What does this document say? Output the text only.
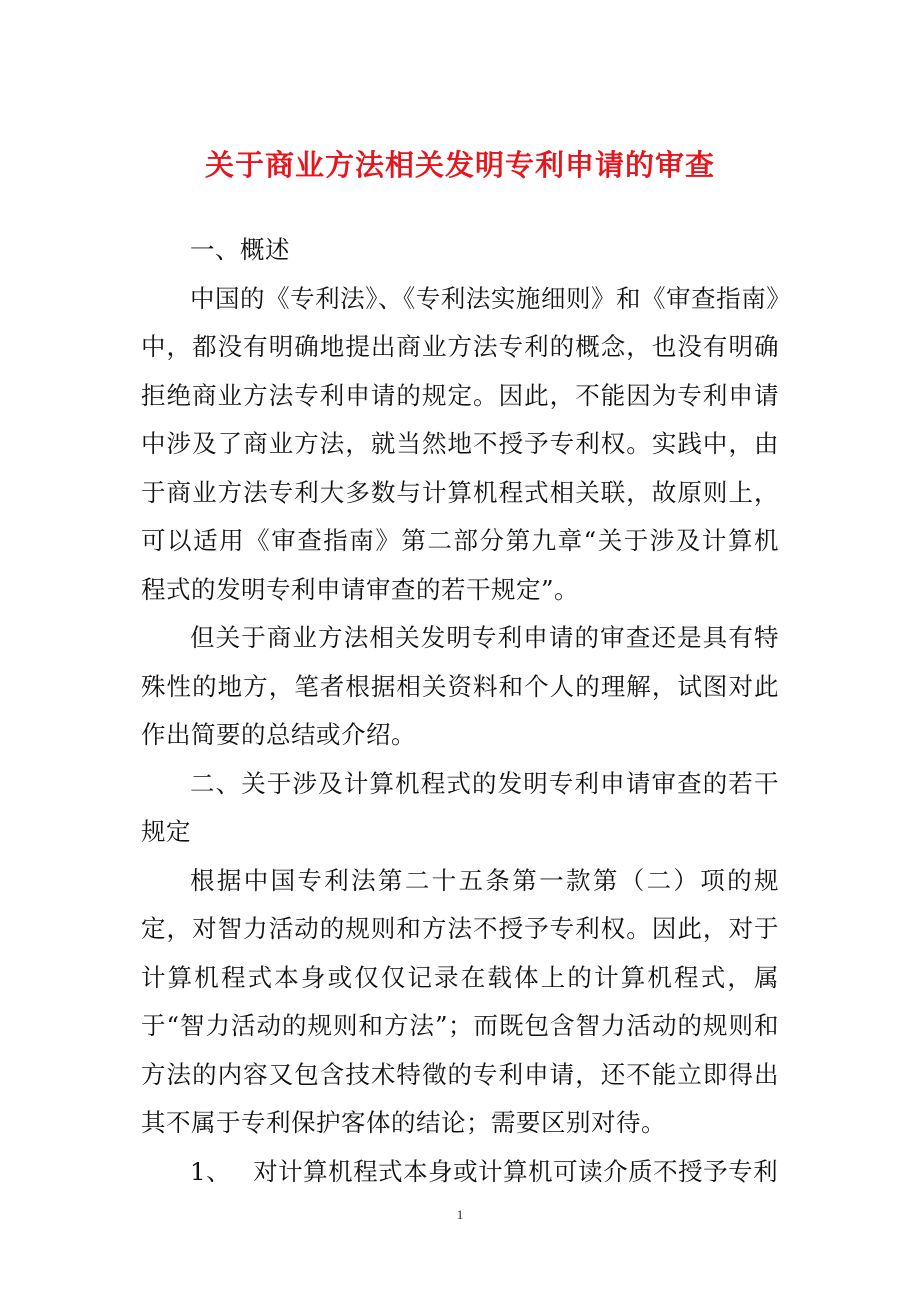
关于商业方法相关发明专利申请的审查

一、概述

中国的《专利法》、《专利法实施细则》和《审查指南》中，都没有明确地提出商业方法专利的概念，也没有明确拒绝商业方法专利申请的规定。因此，不能因为专利申请中涉及了商业方法，就当然地不授予专利权。实践中，由于商业方法专利大多数与计算机程式相关联，故原则上，可以适用《审查指南》第二部分第九章“关于涉及计算机程式的发明专利申请审查的若干规定”。

但关于商业方法相关发明专利申请的审查还是具有特殊性的地方，笔者根据相关资料和个人的理解，试图对此作出简要的总结或介绍。

二、关于涉及计算机程式的发明专利申请审查的若干规定

根据中国专利法第二十五条第一款第（二）项的规定，对智力活动的规则和方法不授予专利权。因此，对于计算机程式本身或仅仅记录在载体上的计算机程式，属于“智力活动的规则和方法”；而既包含智力活动的规则和方法的内容又包含技术特徵的专利申请，还不能立即得出其不属于专利保护客体的结论；需要区别对待。

1、 对计算机程式本身或计算机可读介质不授予专利

1
